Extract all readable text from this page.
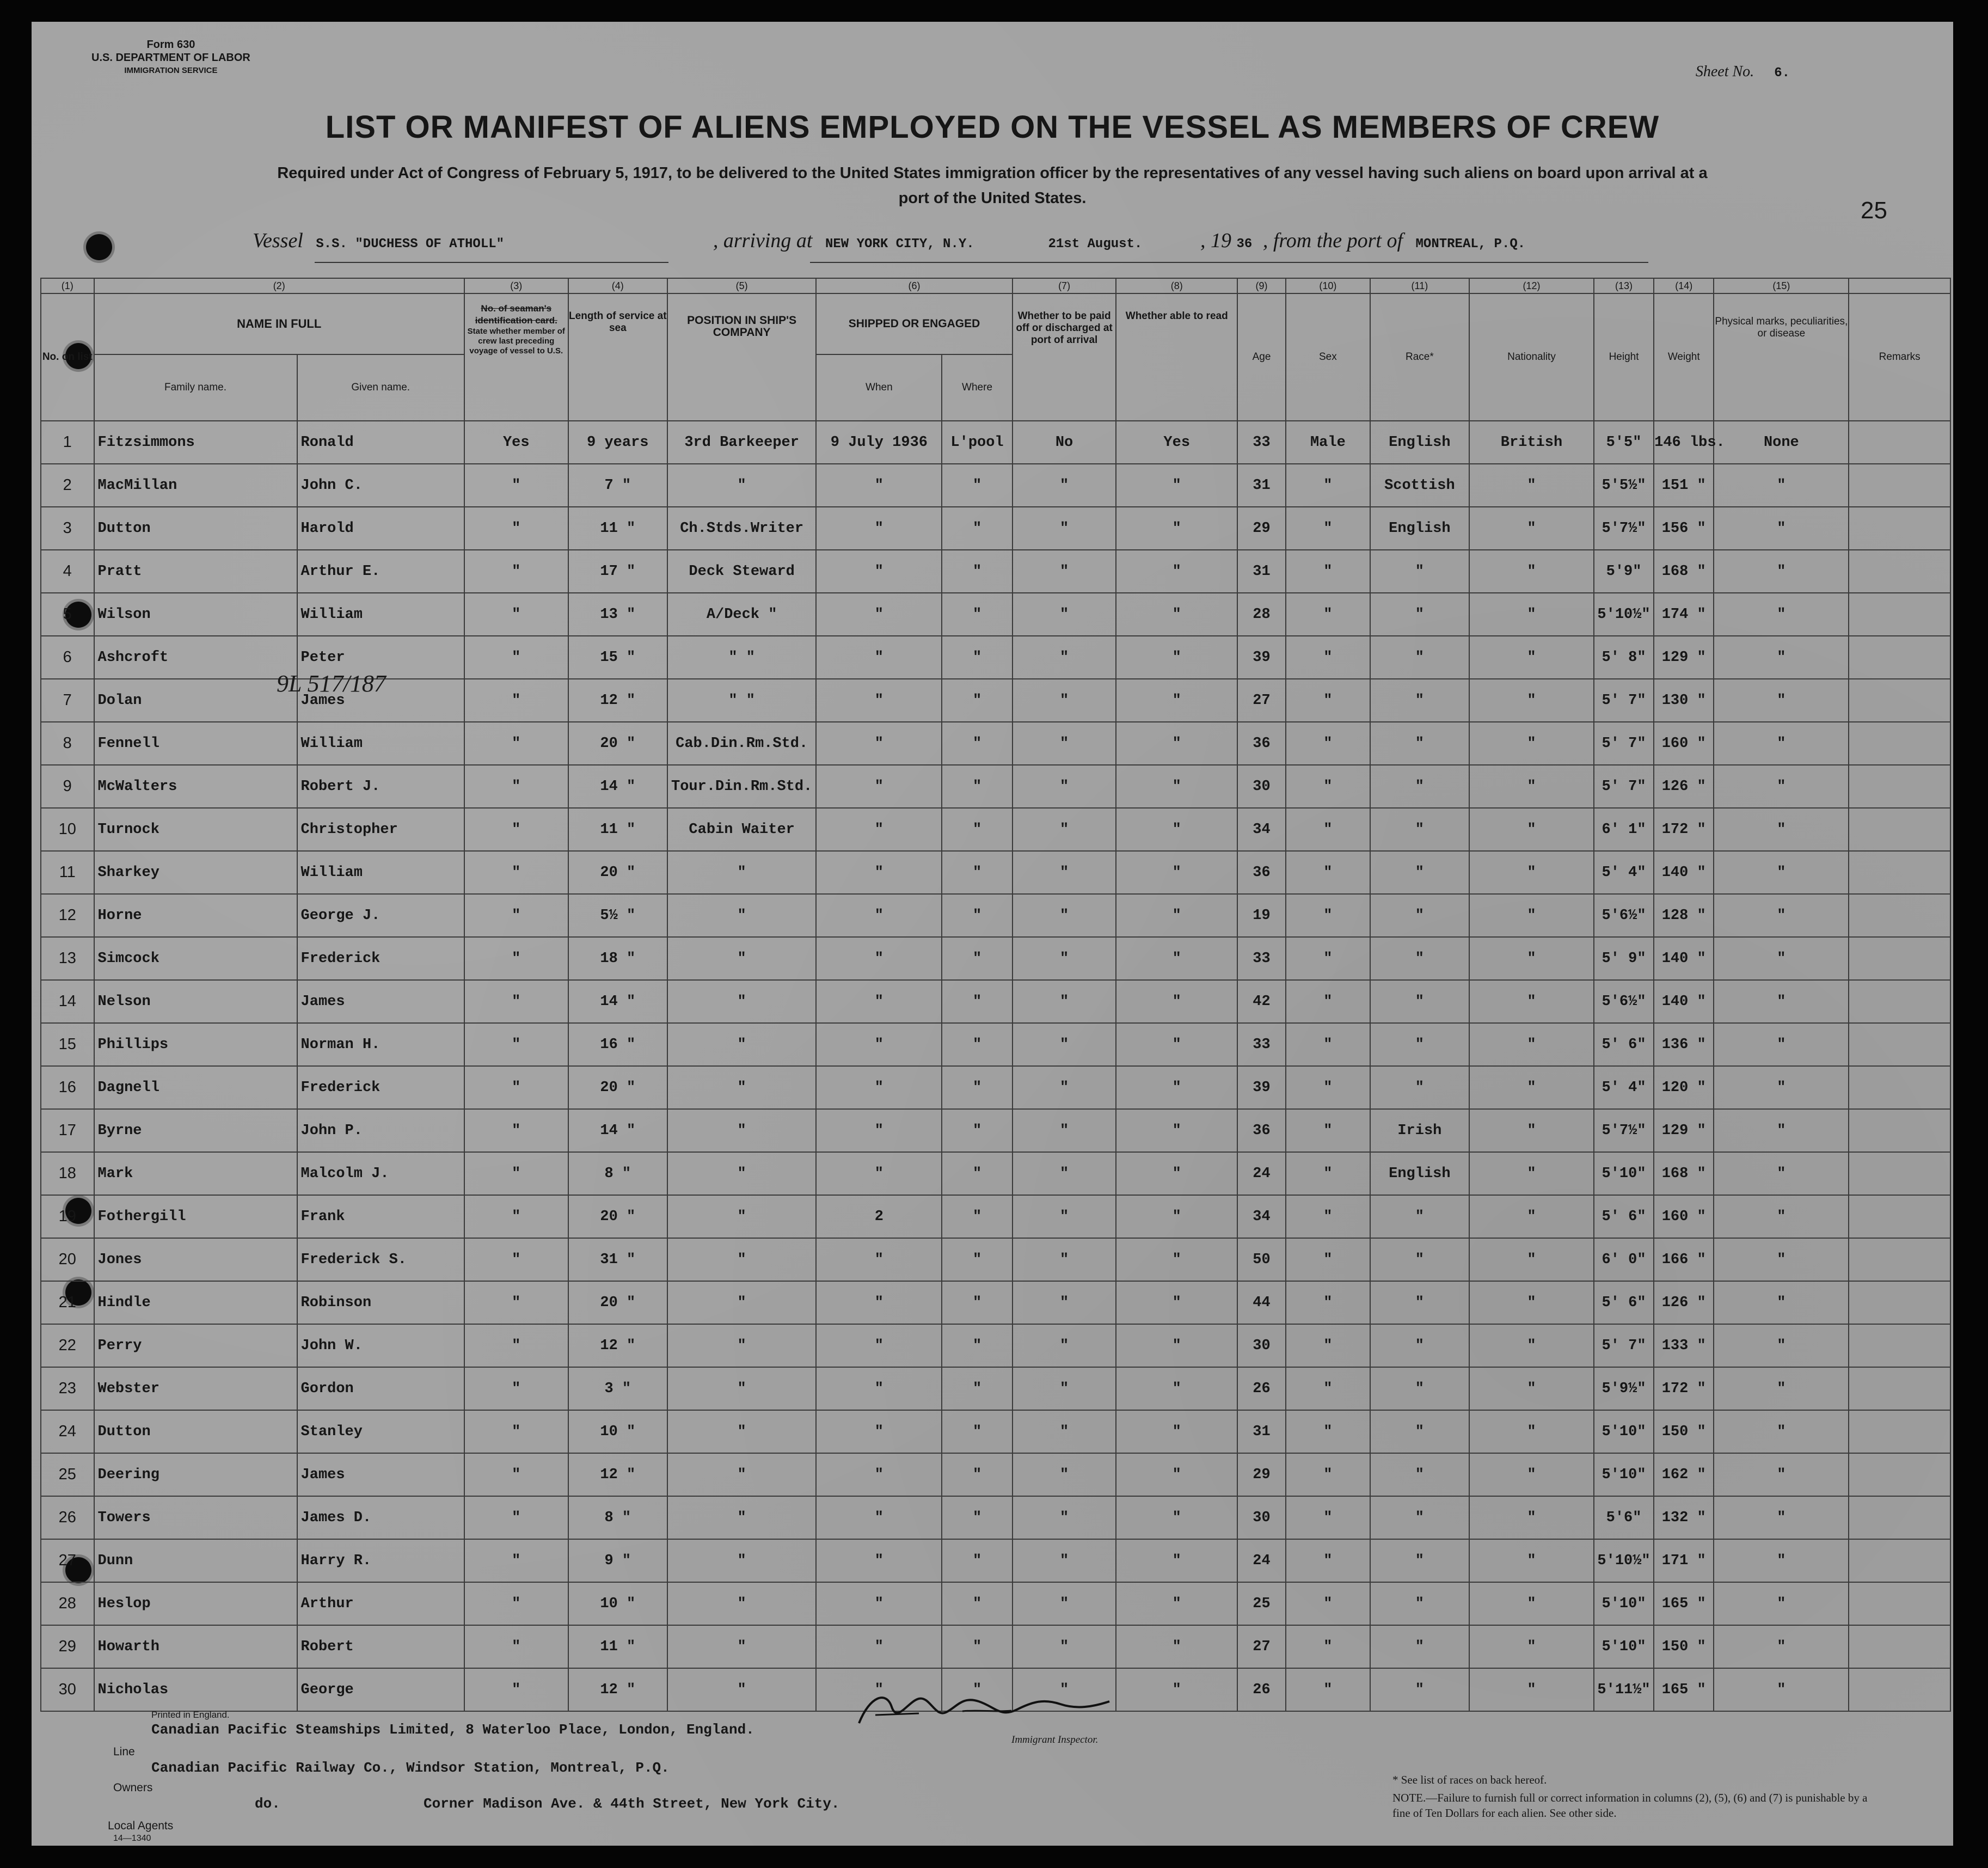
Form 630
U.S. DEPARTMENT OF LABOR
IMMIGRATION SERVICE	Sheet No. 6.
LIST OR MANIFEST OF ALIENS EMPLOYED ON THE VESSEL AS MEMBERS OF CREW
Required under Act of Congress of February 5, 1917, to be delivered to the United States immigration officer by the representatives of any vessel having such aliens on board upon arrival at a port of the United States.	25
Vessel S.S. "DUCHESS OF ATHOLL"	, arriving at NEW YORK CITY, N.Y.	21st August.	, 19 36 , from the port of MONTREAL, P.Q.
(1)	(2)		(3)	(4)	(5)	(6)		(7)	(8)	(9)	(10)	(11)	(12)	(13)	(14)	(15)	
No. on list	NAME IN FULL		No. of seaman's identification card.
State whether member of crew last preceding voyage of vessel to U.S.	Length of service at sea	POSITION IN SHIP'S COMPANY	SHIPPED OR ENGAGED		Whether to be paid off or discharged at port of arrival	Whether able to read	Age	Sex	Race*	Nationality	Height	Weight	Physical marks, peculiarities, or disease	Remarks
	Family name.	Given name.				When	Where										
1	Fitzsimmons	Ronald	Yes	9 years	3rd Barkeeper	9 July 1936	L'pool	No	Yes	33	Male	English	British	5'5"	146 lbs.	None	
2	MacMillan	John C.	"	7 "	"	"	"	"	"	31	"	Scottish	"	5'5½"	151 "	"	
3	Dutton	Harold	"	11 "	Ch.Stds.Writer	"	"	"	"	29	"	English	"	5'7½"	156 "	"	
4	Pratt	Arthur E.	"	17 "	Deck Steward	"	"	"	"	31	"	"	"	5'9"	168 "	"	
5	Wilson	William	"	13 "	A/Deck "	"	"	"	"	28	"	"	"	5'10½"	174 "	"	
6	Ashcroft	Peter	"	15 "	" "	"	"	"	"	39	"	"	"	5' 8"	129 "	"	
7	Dolan	James	"	12 "	" "	"	"	"	"	27	"	"	"	5' 7"	130 "	"	
8	Fennell	William	"	20 "	Cab.Din.Rm.Std.	"	"	"	"	36	"	"	"	5' 7"	160 "	"	
9	McWalters	Robert J.	"	14 "	Tour.Din.Rm.Std.	"	"	"	"	30	"	"	"	5' 7"	126 "	"	
10	Turnock	Christopher	"	11 "	Cabin Waiter	"	"	"	"	34	"	"	"	6' 1"	172 "	"	
11	Sharkey	William	"	20 "	"	"	"	"	"	36	"	"	"	5' 4"	140 "	"	
12	Horne	George J.	"	5½ "	"	"	"	"	"	19	"	"	"	5'6½"	128 "	"	
13	Simcock	Frederick	"	18 "	"	"	"	"	"	33	"	"	"	5' 9"	140 "	"	
14	Nelson	James	"	14 "	"	"	"	"	"	42	"	"	"	5'6½"	140 "	"	
15	Phillips	Norman H.	"	16 "	"	"	"	"	"	33	"	"	"	5' 6"	136 "	"	
16	Dagnell	Frederick	"	20 "	"	"	"	"	"	39	"	"	"	5' 4"	120 "	"	
17	Byrne	John P.	"	14 "	"	"	"	"	"	36	"	Irish	"	5'7½"	129 "	"	
18	Mark	Malcolm J.	"	8 "	"	"	"	"	"	24	"	English	"	5'10"	168 "	"	
19	Fothergill	Frank	"	20 "	"	2	"	"	"	34	"	"	"	5' 6"	160 "	"	
20	Jones	Frederick S.	"	31 "	"	"	"	"	"	50	"	"	"	6' 0"	166 "	"	
21	Hindle	Robinson	"	20 "	"	"	"	"	"	44	"	"	"	5' 6"	126 "	"	
22	Perry	John W.	"	12 "	"	"	"	"	"	30	"	"	"	5' 7"	133 "	"	
23	Webster	Gordon	"	3 "	"	"	"	"	"	26	"	"	"	5'9½"	172 "	"	
24	Dutton	Stanley	"	10 "	"	"	"	"	"	31	"	"	"	5'10"	150 "	"	
25	Deering	James	"	12 "	"	"	"	"	"	29	"	"	"	5'10"	162 "	"	
26	Towers	James D.	"	8 "	"	"	"	"	"	30	"	"	"	5'6"	132 "	"	
27	Dunn	Harry R.	"	9 "	"	"	"	"	"	24	"	"	"	5'10½"	171 "	"	
28	Heslop	Arthur	"	10 "	"	"	"	"	"	25	"	"	"	5'10"	165 "	"	
29	Howarth	Robert	"	11 "	"	"	"	"	"	27	"	"	"	5'10"	150 "	"	
30	Nicholas	George	"	12 "	"	"	"	"	"	26	"	"	"	5'11½"	165 "	"	
9L 517/187
Printed in England.
Canadian Pacific Steamships Limited, 8 Waterloo Place, London, England.
Line
Canadian Pacific Railway Co., Windsor Station, Montreal, P.Q.
Owners
do.	Corner Madison Ave. & 44th Street, New York City.
Local Agents
14—1340
Immigrant Inspector.
* See list of races on back hereof.
NOTE.—Failure to furnish full or correct information in columns (2), (5), (6) and (7) is punishable by a fine of Ten Dollars for each alien. See other side.
